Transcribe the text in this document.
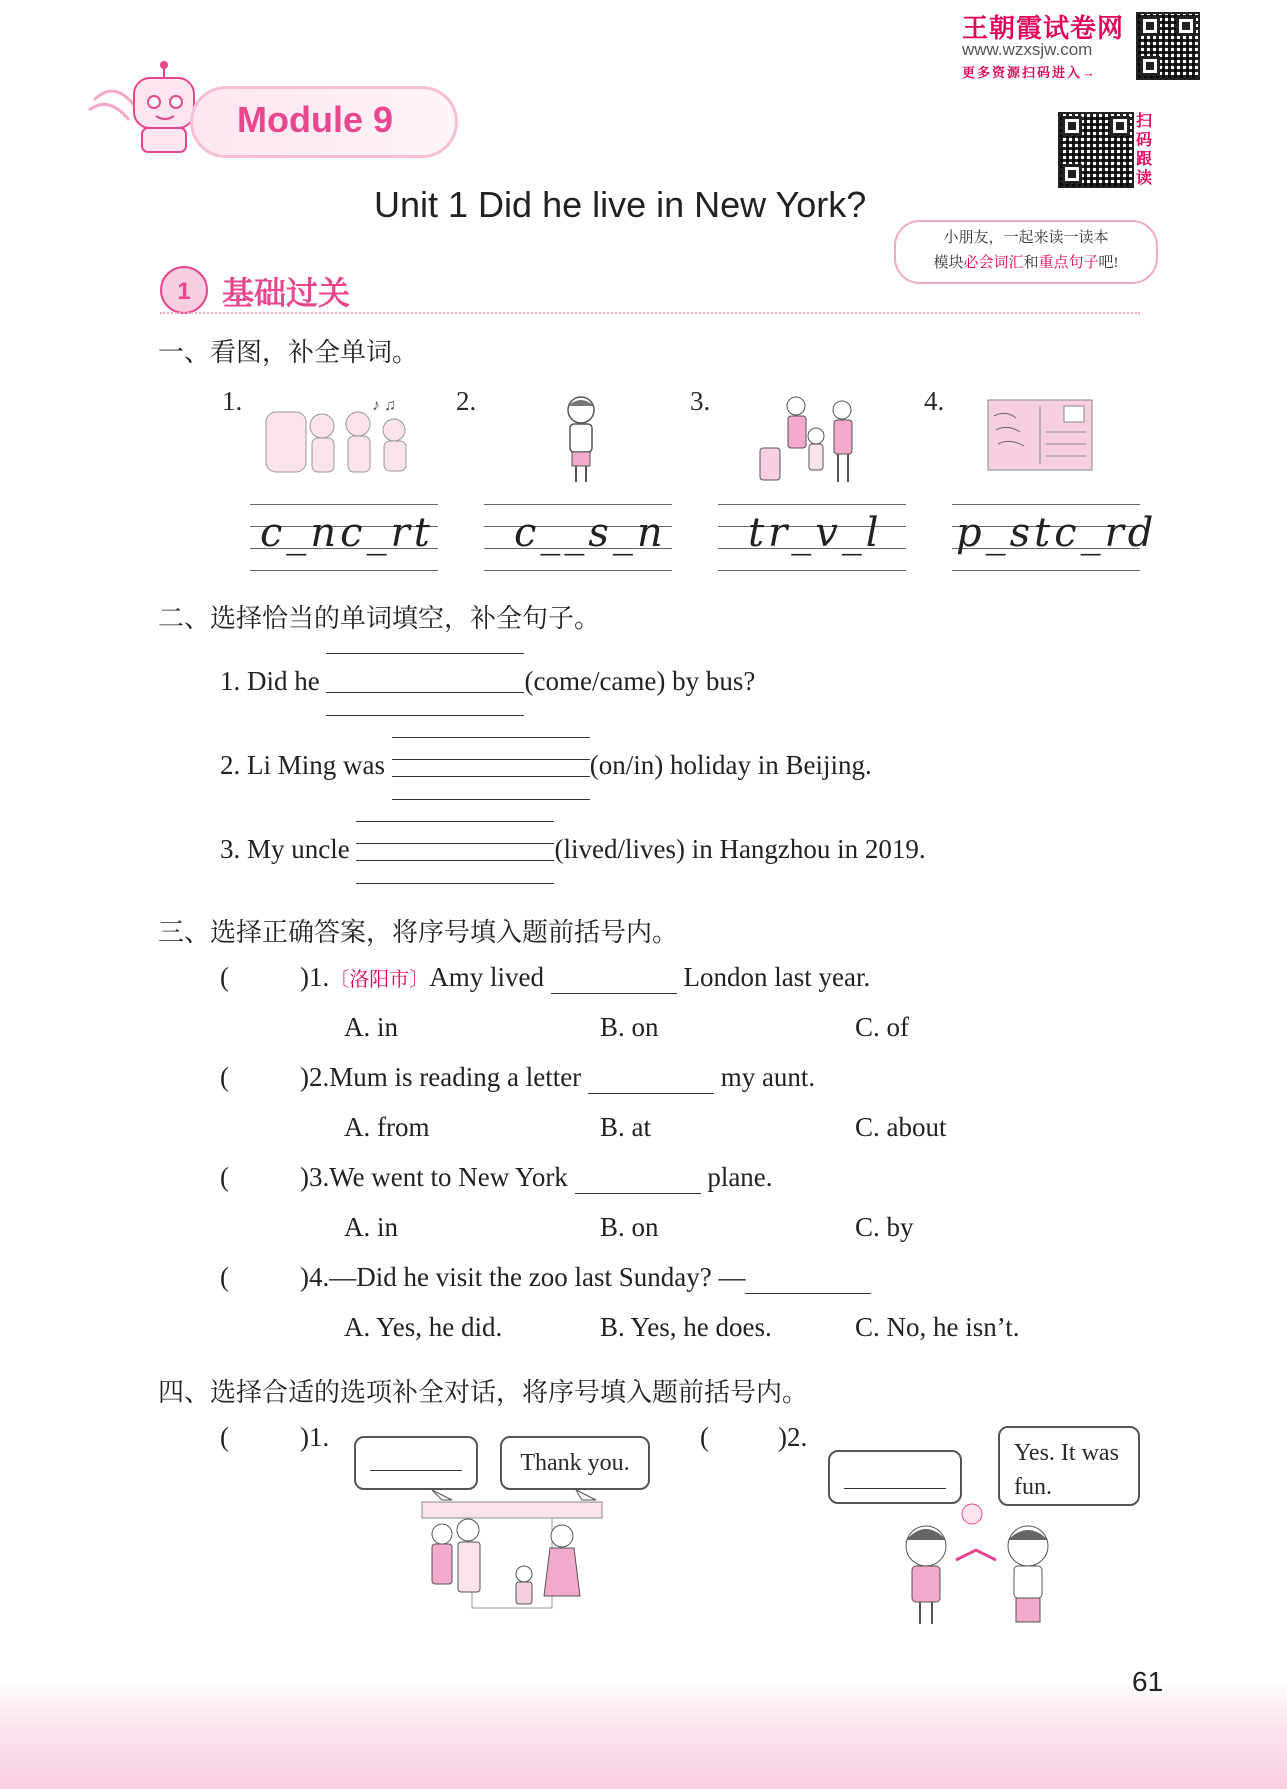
王朝霞试卷网
www.wzxsjw.com
更多资源扫码进入→
扫
码
跟
读
Module 9
Unit 1 Did he live in New York?
小朋友，一起来读一读本
模块必会词汇和重点句子吧!
1 基础过关
一、看图，补全单词。
1.	2.	3.	4.
♪ ♫
c_nc_rt c__s_n tr_v_l p_stc_rd
二、选择恰当的单词填空，补全句子。
1. Did he	(come/came) by bus?
2. Li Ming was	(on/in) holiday in Beijing.
3. My uncle	(lived/lives) in Hangzhou in 2019.
三、选择正确答案，将序号填入题前括号内。
(	)1.〔洛阳市〕Amy lived	London last year.
A. in	B. on	C. of
(	)2.Mum is reading a letter	my aunt.
A. from	B. at	C. about
(	)3.We went to New York	plane.
A. in	B. on	C. by
(	)4.—Did he visit the zoo last Sunday? —
A. Yes, he did.	B. Yes, he does.	C. No, he isn’t.
四、选择合适的选项补全对话，将序号填入题前括号内。
(	)1.
Thank you.
(	)2.
Yes. It was
fun.
61
